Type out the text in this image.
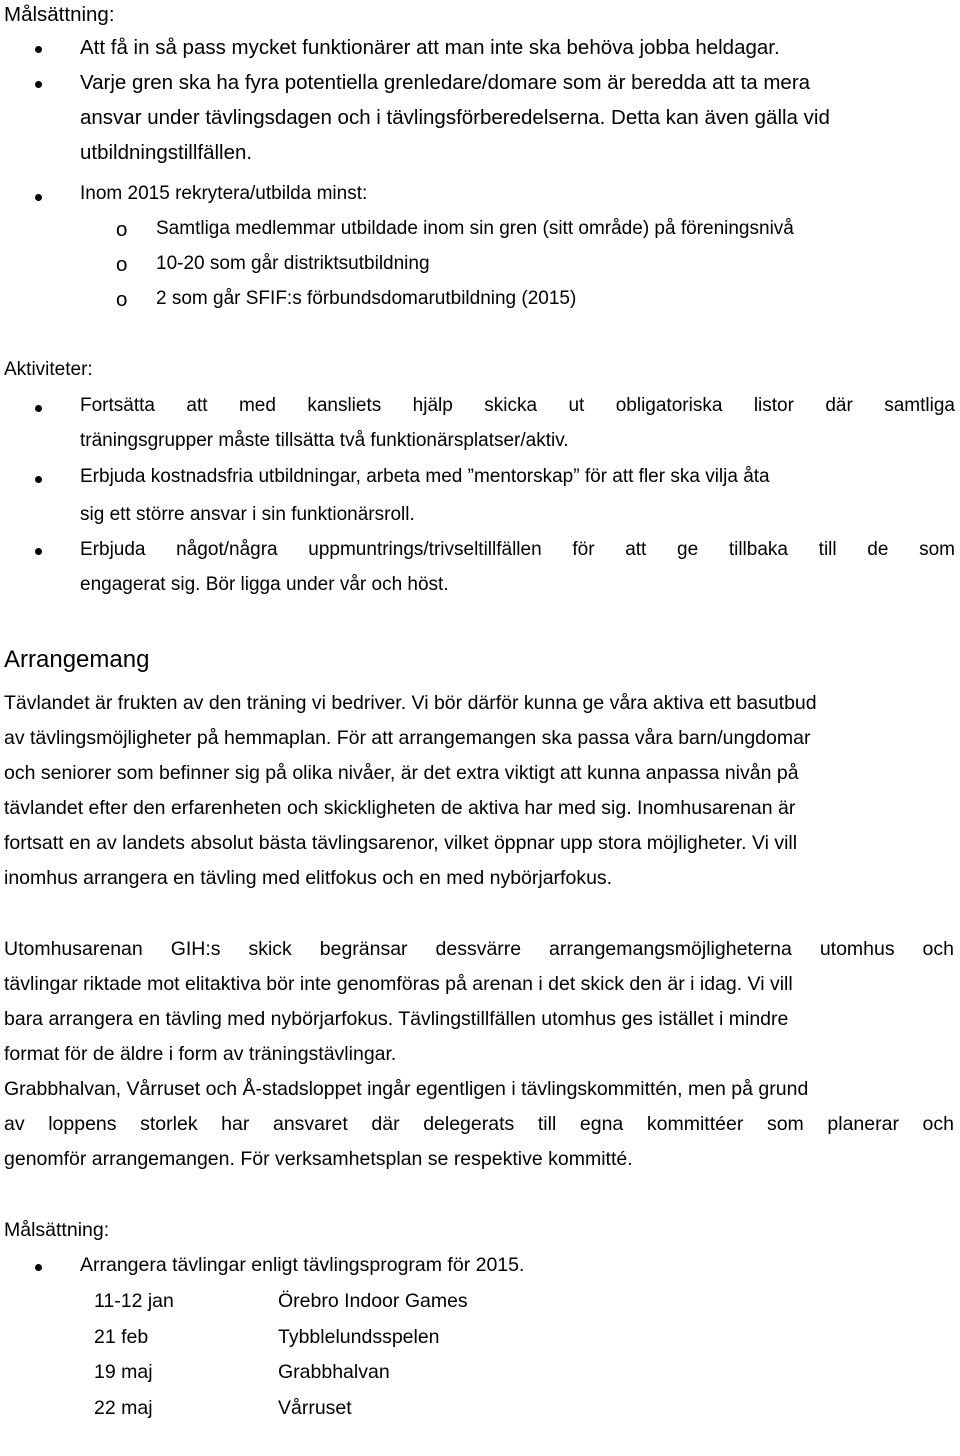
Målsättning:
Att få in så pass mycket funktionärer att man inte ska behöva jobba heldagar.
Varje gren ska ha fyra potentiella grenledare/domare som är beredda att ta mera
ansvar under tävlingsdagen och i tävlingsförberedelserna. Detta kan även gälla vid
utbildningstillfällen.
Inom 2015 rekrytera/utbilda minst:
o Samtliga medlemmar utbildade inom sin gren (sitt område) på föreningsnivå
o 10-20 som går distriktsutbildning
o 2 som går SFIF:s förbundsdomarutbildning (2015)
Aktiviteter:
Fortsätta att med kansliets hjälp skicka ut obligatoriska listor där samtliga
träningsgrupper måste tillsätta två funktionärsplatser/aktiv.
Erbjuda kostnadsfria utbildningar, arbeta med ”mentorskap” för att fler ska vilja åta
sig ett större ansvar i sin funktionärsroll.
Erbjuda något/några uppmuntrings/trivseltillfällen för att ge tillbaka till de som
engagerat sig. Bör ligga under vår och höst.
Arrangemang
Tävlandet är frukten av den träning vi bedriver. Vi bör därför kunna ge våra aktiva ett basutbud
av tävlingsmöjligheter på hemmaplan. För att arrangemangen ska passa våra barn/ungdomar
och seniorer som befinner sig på olika nivåer, är det extra viktigt att kunna anpassa nivån på
tävlandet efter den erfarenheten och skickligheten de aktiva har med sig. Inomhusarenan är
fortsatt en av landets absolut bästa tävlingsarenor, vilket öppnar upp stora möjligheter. Vi vill
inomhus arrangera en tävling med elitfokus och en med nybörjarfokus.
Utomhusarenan GIH:s skick begränsar dessvärre arrangemangsmöjligheterna utomhus och
tävlingar riktade mot elitaktiva bör inte genomföras på arenan i det skick den är i idag. Vi vill
bara arrangera en tävling med nybörjarfokus. Tävlingstillfällen utomhus ges istället i mindre
format för de äldre i form av träningstävlingar.
Grabbhalvan, Vårruset och Å-stadsloppet ingår egentligen i tävlingskommittén, men på grund
av loppens storlek har ansvaret där delegerats till egna kommittéer som planerar och
genomför arrangemangen. För verksamhetsplan se respektive kommitté.
Målsättning:
Arrangera tävlingar enligt tävlingsprogram för 2015.
11-12 jan	Örebro Indoor Games
21 feb	Tybblelundsspelen
19 maj	Grabbhalvan
22 maj	Vårruset
